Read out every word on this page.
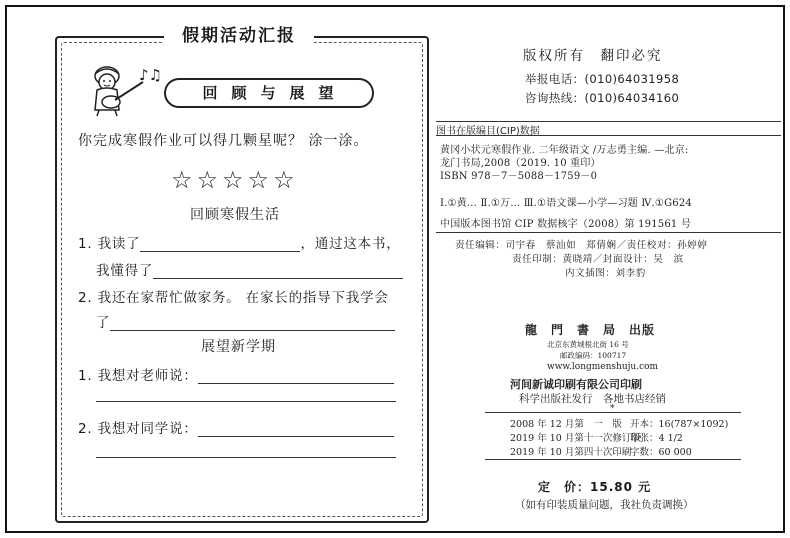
假期活动汇报
♪♫
回顾与展望
你完成寒假作业可以得几颗星呢？ 涂一涂。
☆☆☆☆☆
回顾寒假生活
1. 我读了	，通过这本书，
我懂得了
2. 我还在家帮忙做家务。 在家长的指导下我学会
了
展望新学期
1. 我想对老师说：
2. 我想对同学说：
版权所有　翻印必究
举报电话：(010)64031958
咨询热线：(010)64034160
图书在版编目(CIP)数据
黄冈小状元寒假作业. 二年级语文 /万志勇主编. —北京:
龙门书局,2008（2019. 10 重印）
ISBN 978－7－5088－1759－0
Ⅰ.①黄… Ⅱ.①万… Ⅲ.①语文课—小学—习题 Ⅳ.①G624
中国版本图书馆 CIP 数据核字（2008）第 191561 号
责任编辑：司宇春　蔡汕如　郑倩娴／责任校对：孙婷婷
责任印制：黄晓靖／封面设计：吴　滨
内文插图：刘李豹
龍　門　書　局　出版
北京东黄城根北街 16 号
邮政编码：100717
www.longmenshuju.com
河间新诚印刷有限公司印刷
科学出版社发行　各地书店经销
*
2008 年 12 月第　一　版 开本：16(787×1092)
2019 年 10 月第十一次修订版
印张：4 1/2
2019 年 10 月第四十次印刷
字数：60 000
定　价：15.80 元
（如有印装质量问题，我社负责调换）
